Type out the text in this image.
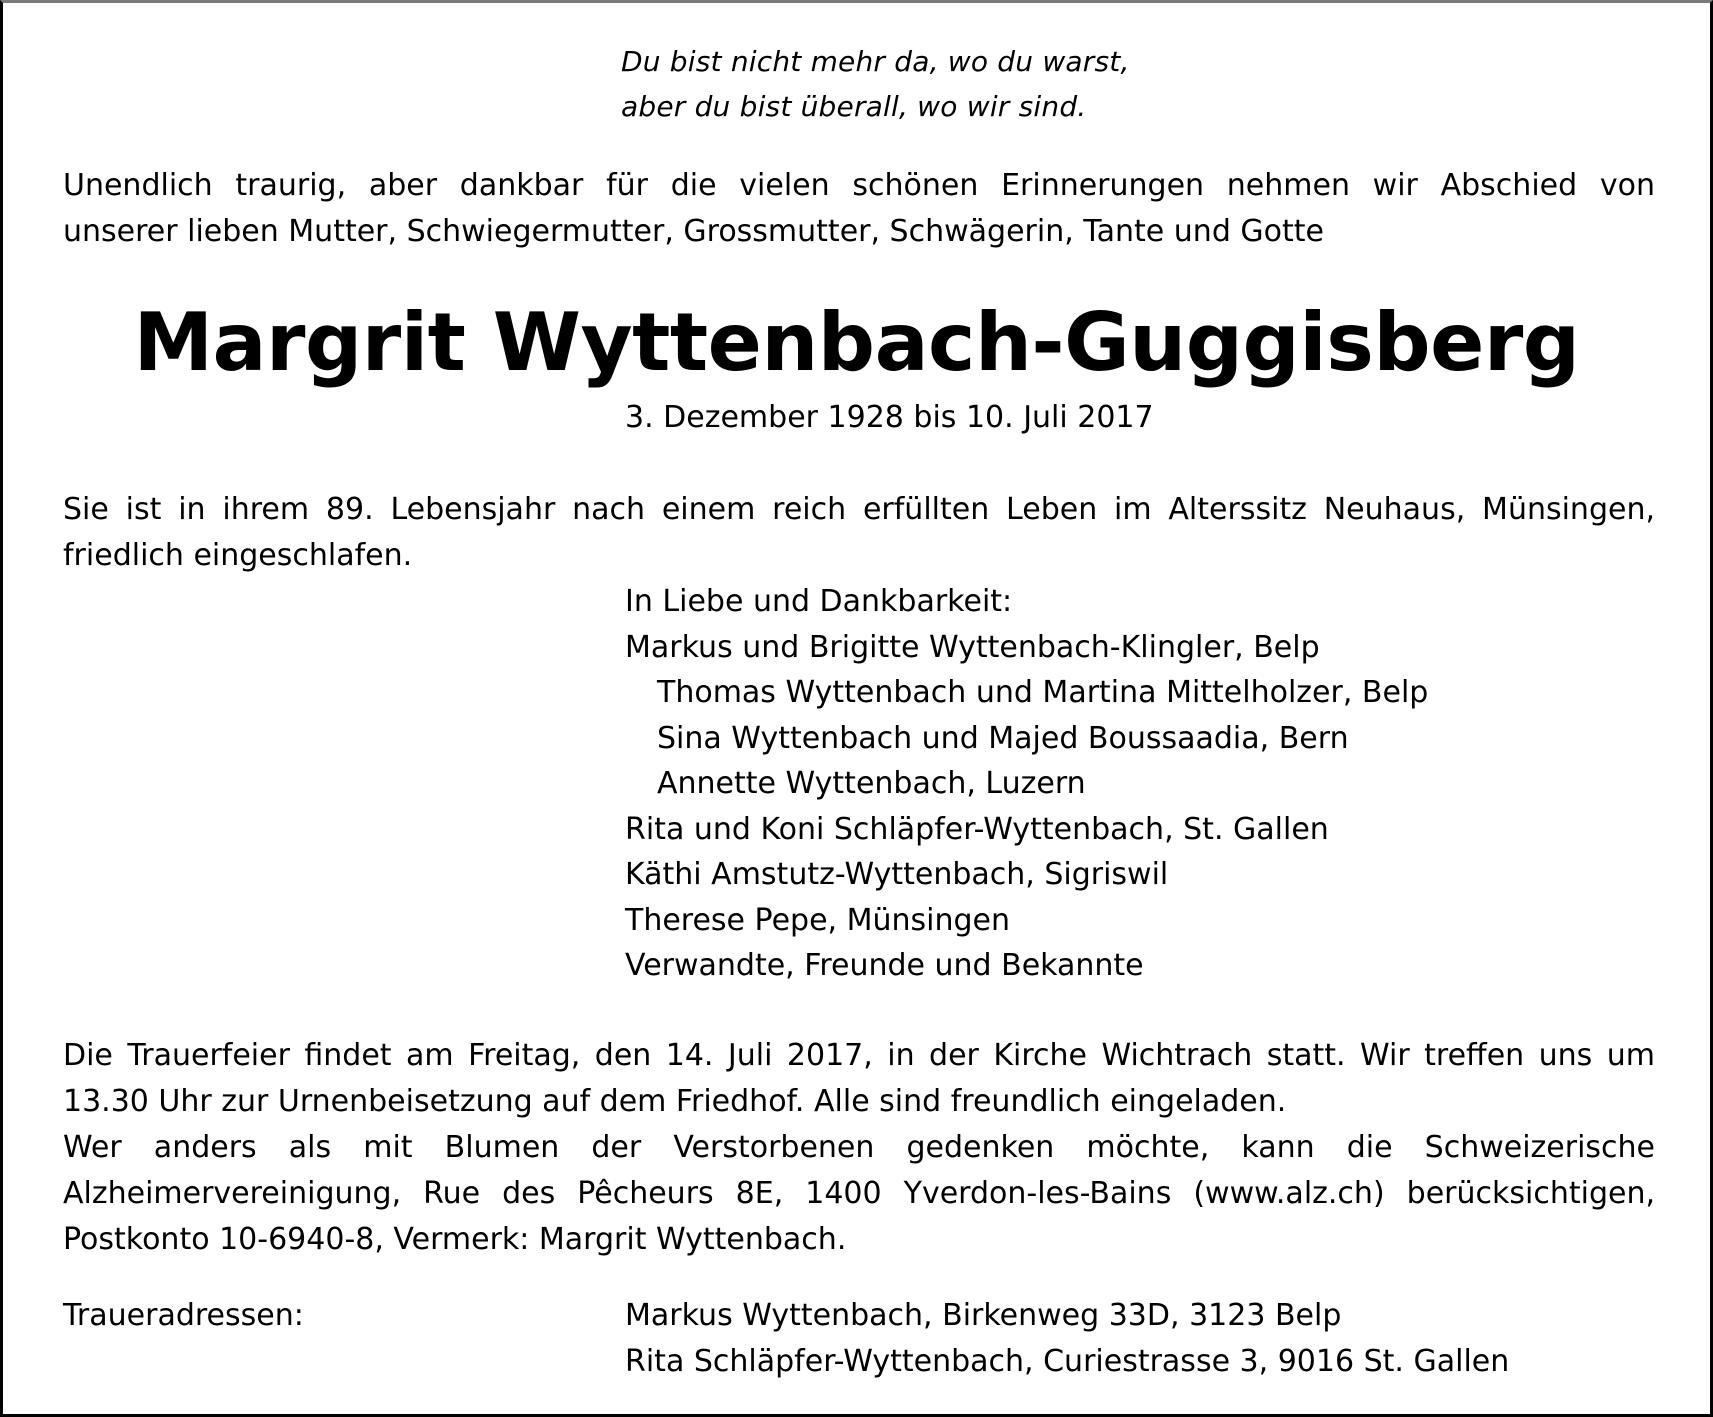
Du bist nicht mehr da, wo du warst,
aber du bist überall, wo wir sind.
Unendlich traurig, aber dankbar für die vielen schönen Erinnerungen nehmen wir Abschied von
unserer lieben Mutter, Schwiegermutter, Grossmutter, Schwägerin, Tante und Gotte
Margrit Wyttenbach-Guggisberg
3. Dezember 1928 bis 10. Juli 2017
Sie ist in ihrem 89. Lebensjahr nach einem reich erfüllten Leben im Alterssitz Neuhaus, Münsingen,
friedlich eingeschlafen.
In Liebe und Dankbarkeit:
Markus und Brigitte Wyttenbach-Klingler, Belp
Thomas Wyttenbach und Martina Mittelholzer, Belp
Sina Wyttenbach und Majed Boussaadia, Bern
Annette Wyttenbach, Luzern
Rita und Koni Schläpfer-Wyttenbach, St. Gallen
Käthi Amstutz-Wyttenbach, Sigriswil
Therese Pepe, Münsingen
Verwandte, Freunde und Bekannte
Die Trauerfeier findet am Freitag, den 14. Juli 2017, in der Kirche Wichtrach statt. Wir treffen uns um
13.30 Uhr zur Urnenbeisetzung auf dem Friedhof. Alle sind freundlich eingeladen.
Wer anders als mit Blumen der Verstorbenen gedenken möchte, kann die Schweizerische
Alzheimervereinigung, Rue des Pêcheurs 8E, 1400 Yverdon-les-Bains (www.alz.ch) berücksichtigen,
Postkonto 10-6940-8, Vermerk: Margrit Wyttenbach.
Traueradressen:	Markus Wyttenbach, Birkenweg 33D, 3123 Belp
Rita Schläpfer-Wyttenbach, Curiestrasse 3, 9016 St. Gallen
